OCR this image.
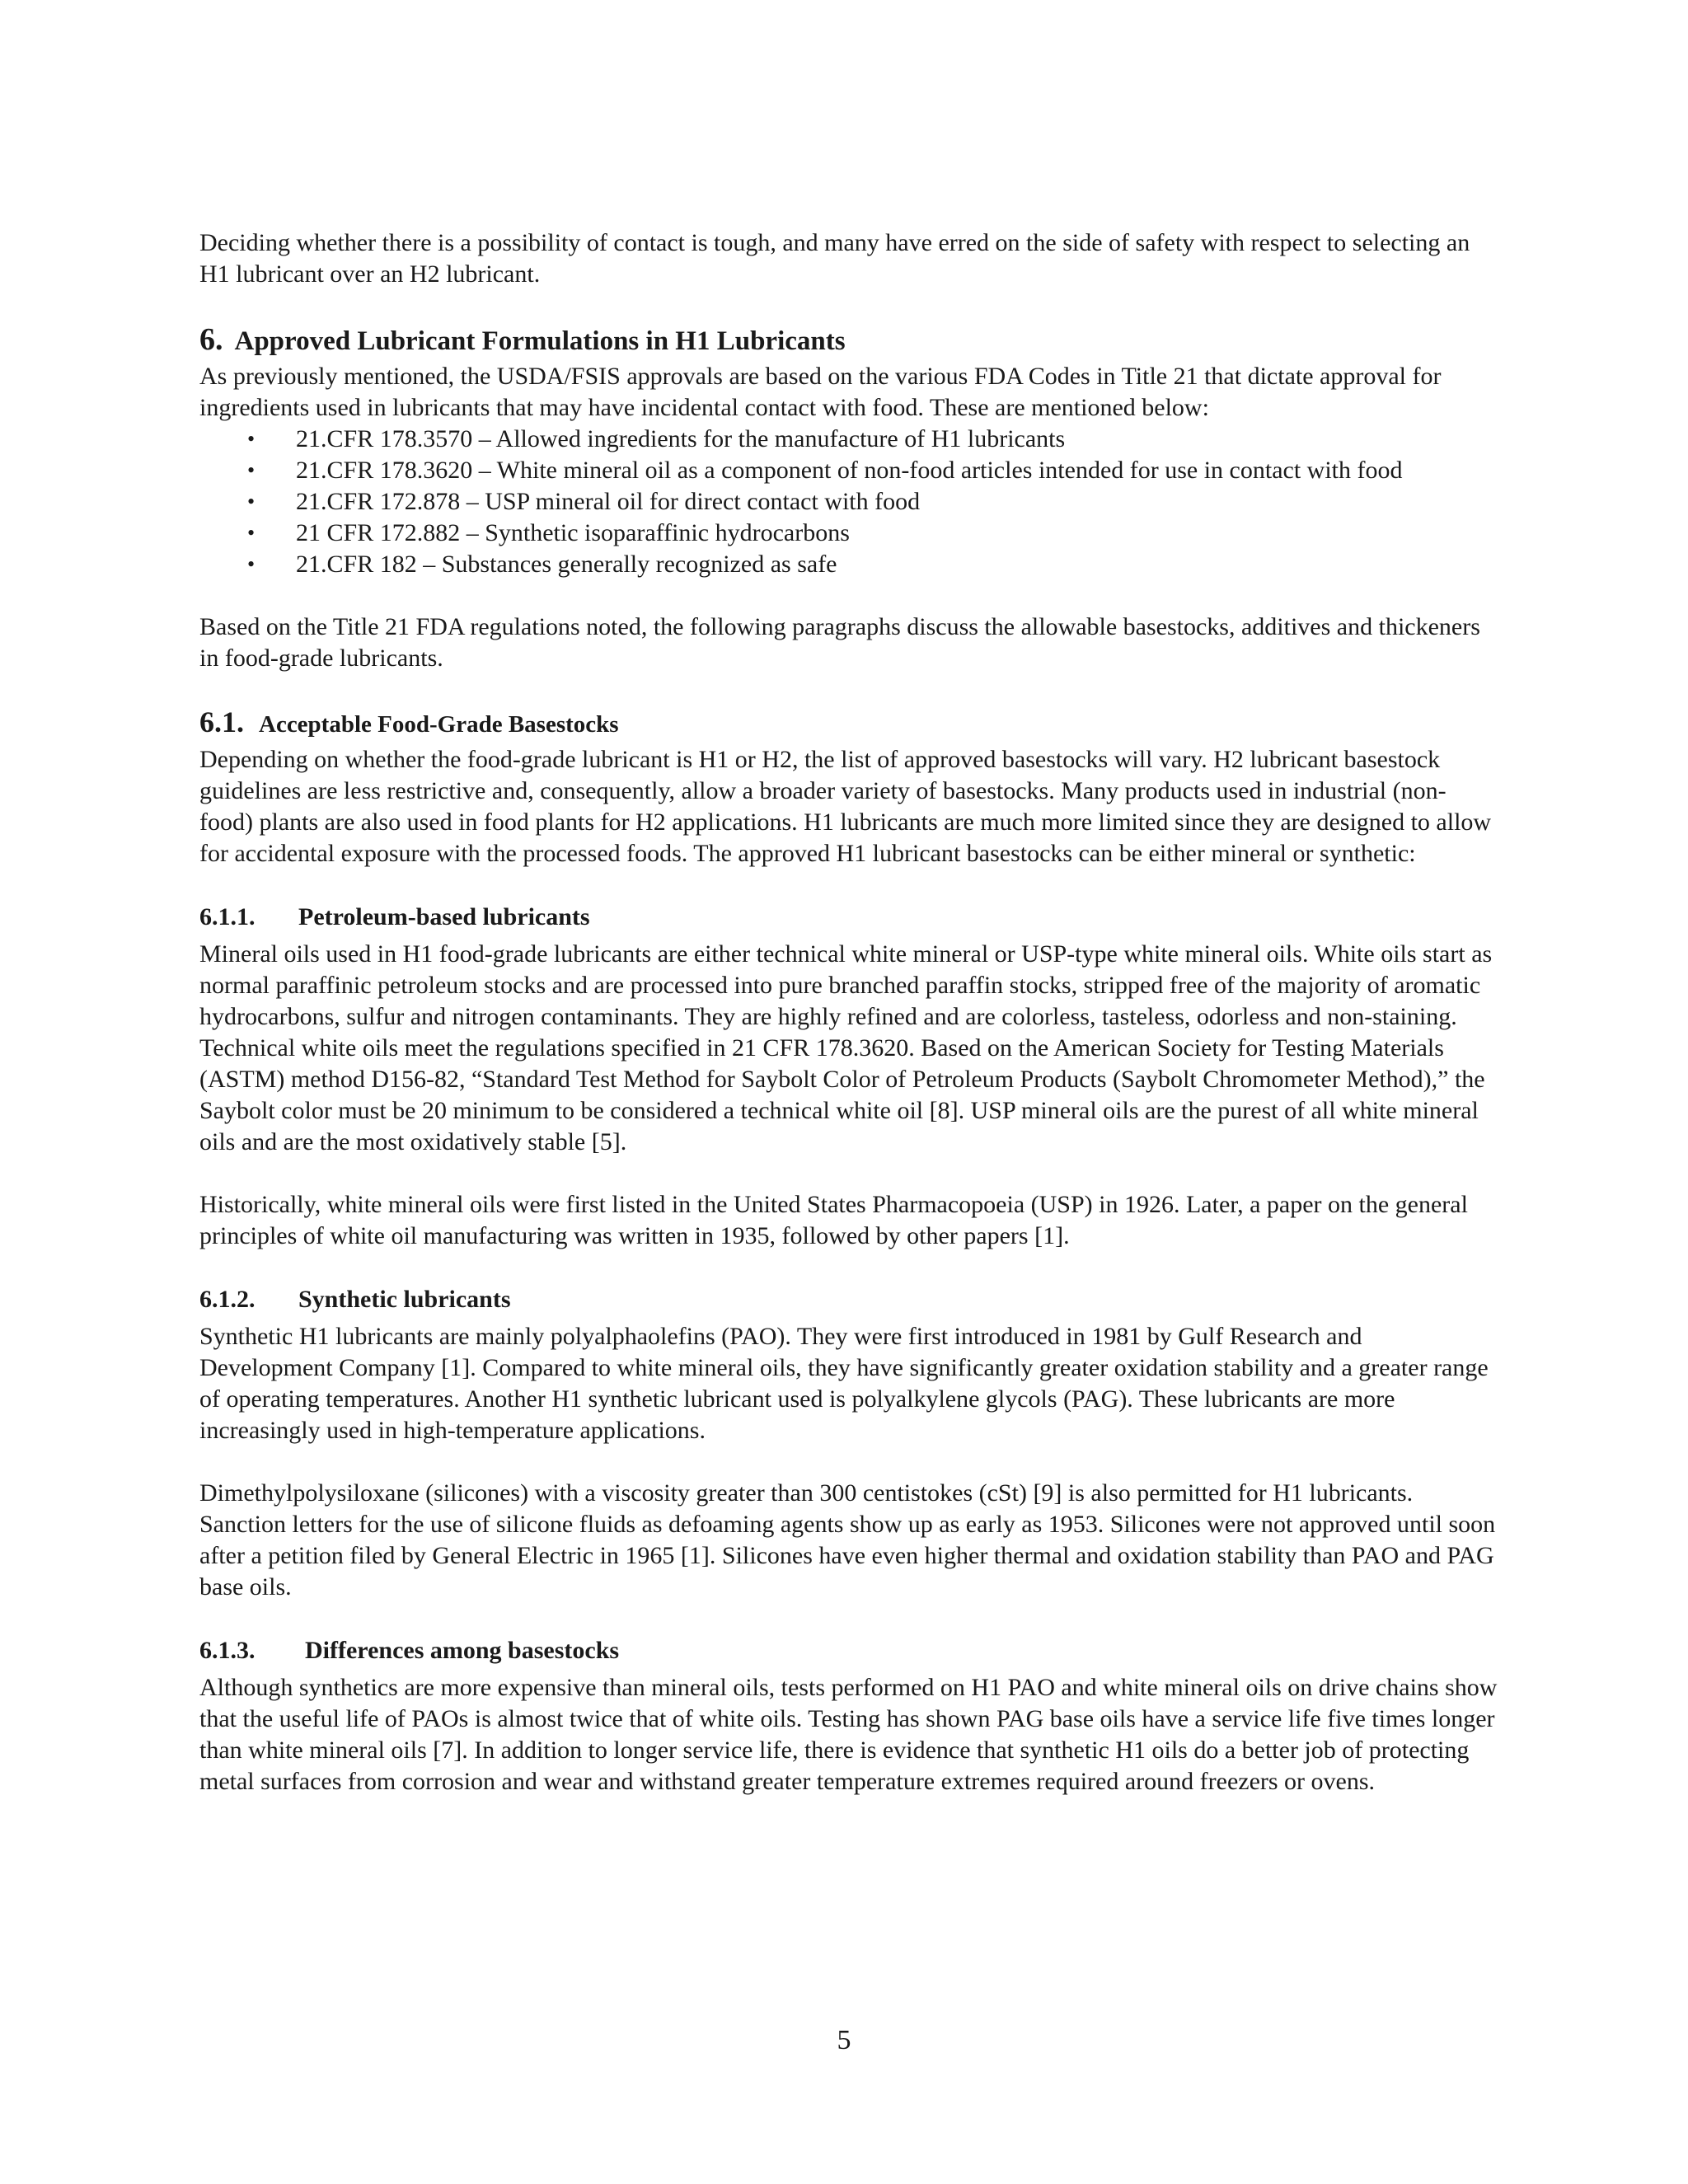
Deciding whether there is a possibility of contact is tough, and many have erred on the side of safety with respect to selecting an H1 lubricant over an H2 lubricant.

6. Approved Lubricant Formulations in H1 Lubricants

As previously mentioned, the USDA/FSIS approvals are based on the various FDA Codes in Title 21 that dictate approval for ingredients used in lubricants that may have incidental contact with food. These are mentioned below:

• 21.CFR 178.3570 – Allowed ingredients for the manufacture of H1 lubricants
• 21.CFR 178.3620 – White mineral oil as a component of non-food articles intended for use in contact with food
• 21.CFR 172.878 – USP mineral oil for direct contact with food
• 21 CFR 172.882 – Synthetic isoparaffinic hydrocarbons
• 21.CFR 182 – Substances generally recognized as safe

Based on the Title 21 FDA regulations noted, the following paragraphs discuss the allowable basestocks, additives and thickeners in food-grade lubricants.

6.1. Acceptable Food-Grade Basestocks

Depending on whether the food-grade lubricant is H1 or H2, the list of approved basestocks will vary. H2 lubricant basestock guidelines are less restrictive and, consequently, allow a broader variety of basestocks. Many products used in industrial (non-food) plants are also used in food plants for H2 applications. H1 lubricants are much more limited since they are designed to allow for accidental exposure with the processed foods. The approved H1 lubricant basestocks can be either mineral or synthetic:

6.1.1.	Petroleum-based lubricants

Mineral oils used in H1 food-grade lubricants are either technical white mineral or USP-type white mineral oils. White oils start as normal paraffinic petroleum stocks and are processed into pure branched paraffin stocks, stripped free of the majority of aromatic hydrocarbons, sulfur and nitrogen contaminants. They are highly refined and are colorless, tasteless, odorless and non-staining. Technical white oils meet the regulations specified in 21 CFR 178.3620. Based on the American Society for Testing Materials (ASTM) method D156-82, “Standard Test Method for Saybolt Color of Petroleum Products (Saybolt Chromometer Method),” the Saybolt color must be 20 minimum to be considered a technical white oil [8]. USP mineral oils are the purest of all white mineral oils and are the most oxidatively stable [5].

Historically, white mineral oils were first listed in the United States Pharmacopoeia (USP) in 1926. Later, a paper on the general principles of white oil manufacturing was written in 1935, followed by other papers [1].

6.1.2.	Synthetic lubricants

Synthetic H1 lubricants are mainly polyalphaolefins (PAO). They were first introduced in 1981 by Gulf Research and Development Company [1]. Compared to white mineral oils, they have significantly greater oxidation stability and a greater range of operating temperatures. Another H1 synthetic lubricant used is polyalkylene glycols (PAG). These lubricants are more increasingly used in high-temperature applications.

Dimethylpolysiloxane (silicones) with a viscosity greater than 300 centistokes (cSt) [9] is also permitted for H1 lubricants. Sanction letters for the use of silicone fluids as defoaming agents show up as early as 1953. Silicones were not approved until soon after a petition filed by General Electric in 1965 [1]. Silicones have even higher thermal and oxidation stability than PAO and PAG base oils.

6.1.3.	Differences among basestocks

Although synthetics are more expensive than mineral oils, tests performed on H1 PAO and white mineral oils on drive chains show that the useful life of PAOs is almost twice that of white oils. Testing has shown PAG base oils have a service life five times longer than white mineral oils [7]. In addition to longer service life, there is evidence that synthetic H1 oils do a better job of protecting metal surfaces from corrosion and wear and withstand greater temperature extremes required around freezers or ovens.

5
